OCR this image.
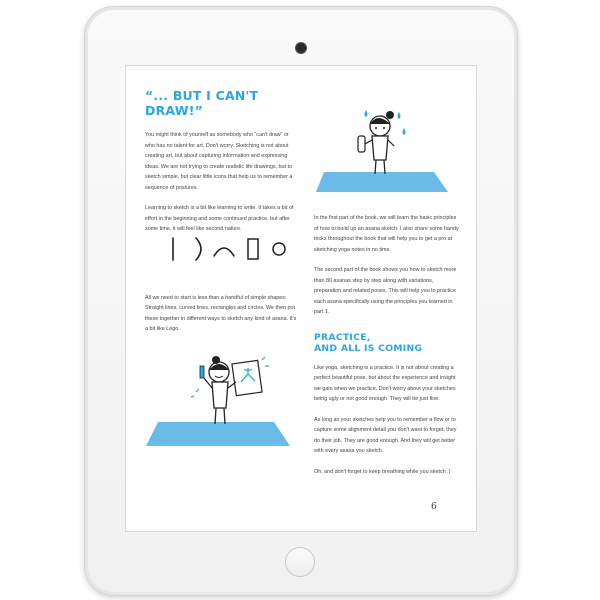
“... BUT I CAN'T DRAW!”

You might think of yourself as somebody who “can't draw” or who has no talent for art. Don't worry. Sketching is not about creating art, but about capturing information and expressing ideas. We are not trying to create realistic life drawings, but to sketch simple, but clear little icons that help us to remember a sequence of postures.

Learning to sketch is a bit like learning to write. It takes a bit of effort in the beginning and some continued practice, but after some time, it will feel like second nature.

All we need to start is less than a handful of simple shapes: Straight lines, curved lines, rectangles and circles. We then put these together in different ways to sketch any kind of asana. It's a bit like Lego.

In the first part of the book, we will learn the basic principles of how to build up an asana sketch. I also share some handy tricks throughout the book that will help you to get a pro at sketching yoga notes in no time.

The second part of the book shows you how to sketch more than 80 asanas step by step along with variations, preparation and related poses. This will help you to practice each asana specifically using the principles you learned in part 1.

PRACTICE,

AND ALL IS COMING

Like yoga, sketching is a practice. It is not about creating a perfect beautiful pose, but about the experience and insight we gain when we practice. Don't worry about your sketches being ugly or not good enough. They will be just fine.

As long as your sketches help you to remember a flow or to capture some alignment detail you don't want to forget, they do their job. They are good enough. And they will get better with every asana you sketch.

Oh, and don't forget to keep breathing while you sketch ;)

6
